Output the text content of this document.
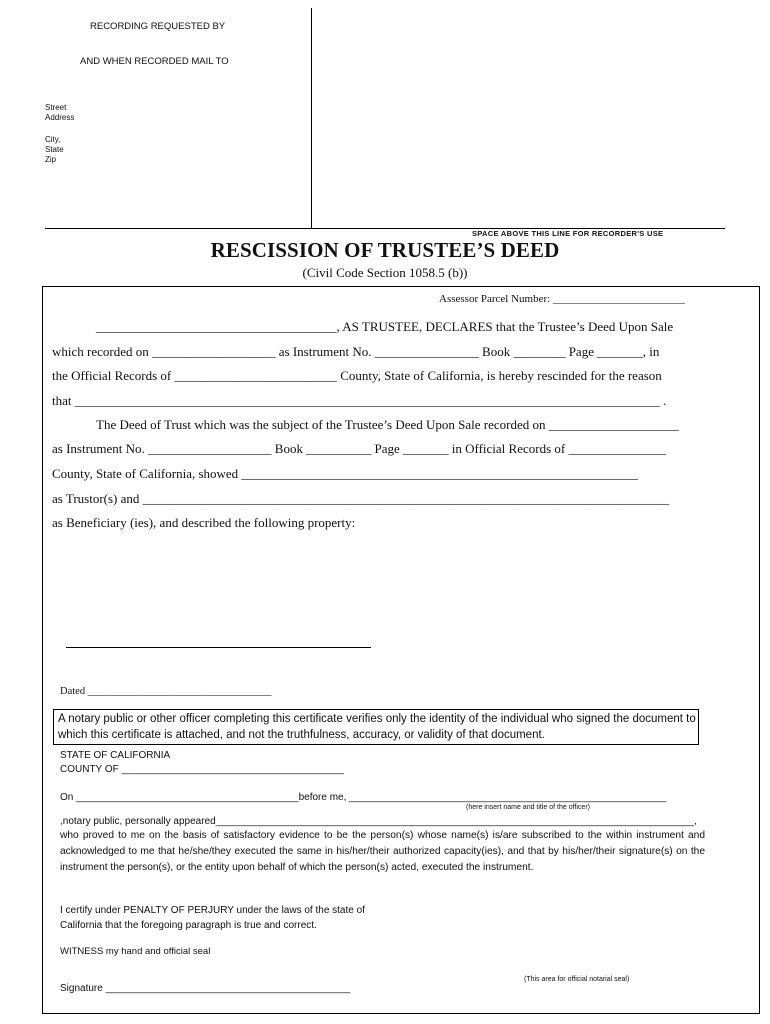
RECORDING REQUESTED BY
AND WHEN RECORDED MAIL TO
Street
Address
City,
State
Zip
SPACE ABOVE THIS LINE FOR RECORDER'S USE
RESCISSION OF TRUSTEE’S DEED
(Civil Code Section 1058.5 (b))
Assessor Parcel Number: ________________________
_____________________________________, AS TRUSTEE, DECLARES that the Trustee’s Deed Upon Sale
which recorded on ___________________ as Instrument No. ________________ Book ________ Page _______, in
the Official Records of _________________________ County, State of California, is hereby rescinded for the reason
that __________________________________________________________________________________________ .
The Deed of Trust which was the subject of the Trustee’s Deed Upon Sale recorded on ____________________
as Instrument No. ___________________ Book __________ Page _______ in Official Records of _______________
County, State of California, showed _____________________________________________________________
as Trustor(s) and _________________________________________________________________________________
as Beneficiary (ies), and described the following property:
Dated ___________________________________
A notary public or other officer completing this certificate verifies only the identity of the individual who signed the document to which this certificate is attached, and not the truthfulness, accuracy, or validity of that document.
STATE OF CALIFORNIA
COUNTY OF ________________________________________
On ________________________________________before me, _________________________________________________________
(here insert name and title of the officer)
,notary public, personally appeared______________________________________________________________________________________,
who proved to me on the basis of satisfactory evidence to be the person(s) whose name(s) is/are subscribed to the within instrument and acknowledged to me that he/she/they executed the same in his/her/their authorized capacity(ies), and that by his/her/their signature(s) on the instrument the person(s), or the entity upon behalf of which the person(s) acted, executed the instrument.
I certify under PENALTY OF PERJURY under the laws of the state of
California that the foregoing paragraph is true and correct.
WITNESS my hand and official seal
(This area for official notarial seal)
Signature ____________________________________________
